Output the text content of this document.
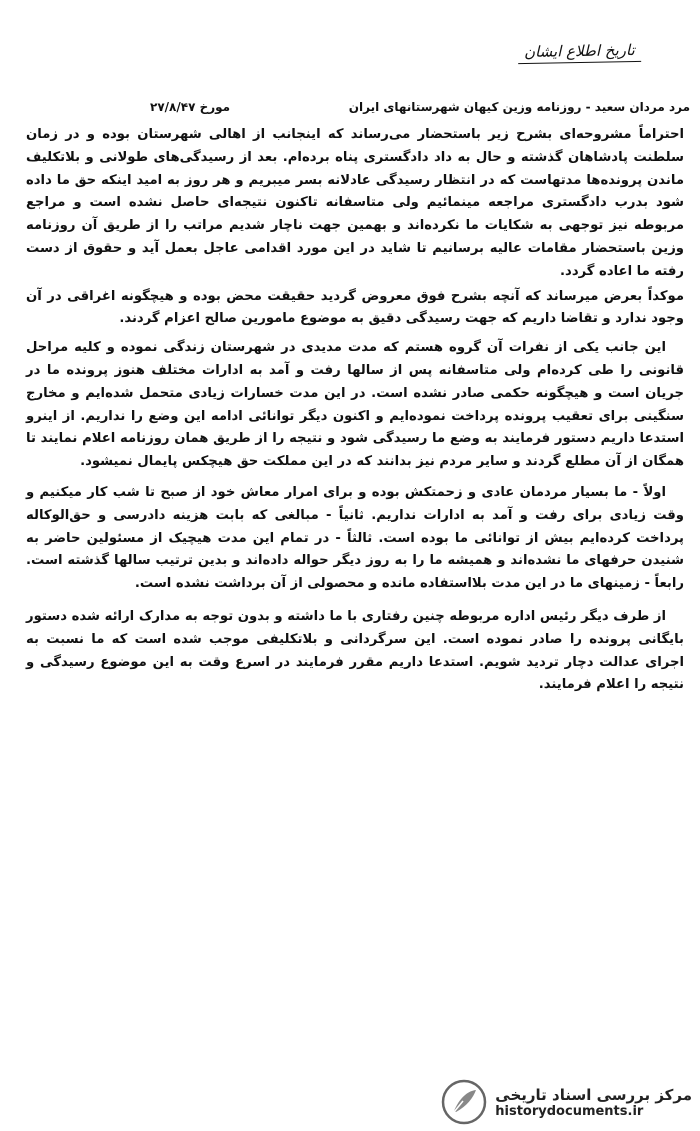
تاریخ اطلاع ایشان
مرد مردان سعید - روزنامه وزین کیهان شهرستانهای ایران
مورخ ۲۷/۸/۴۷

احتراماً مشروحه‌ای بشرح زیر باستحضار می‌رساند که اینجانب از اهالی شهرستان بوده و در زمان سلطنت پادشاهان گذشته و حال به داد دادگستری پناه برده‌ام. بعد از رسیدگی‌های طولانی و بلاتکلیف ماندن پرونده‌ها مدتهاست که در انتظار رسیدگی عادلانه بسر میبریم و هر روز به امید اینکه حق ما داده شود بدرب دادگستری مراجعه مینمائیم ولی متاسفانه تاکنون نتیجه‌ای حاصل نشده است و مراجع مربوطه نیز توجهی به شکایات ما نکرده‌اند و بهمین جهت ناچار شدیم مراتب را از طریق آن روزنامه وزین باستحضار مقامات عالیه برسانیم تا شاید در این مورد اقدامی عاجل بعمل آید و حقوق از دست رفته ما اعاده گردد.

موکداً بعرض میرساند که آنچه بشرح فوق معروض گردید حقیقت محض بوده و هیچگونه اغراقی در آن وجود ندارد و تقاضا داریم که جهت رسیدگی دقیق به موضوع مامورین صالح اعزام گردند.

این جانب یکی از نفرات آن گروه هستم که مدت مدیدی در شهرستان زندگی نموده و کلیه مراحل قانونی را طی کرده‌ام ولی متاسفانه پس از سالها رفت و آمد به ادارات مختلف هنوز پرونده ما در جریان است و هیچگونه حکمی صادر نشده است. در این مدت خسارات زیادی متحمل شده‌ایم و مخارج سنگینی برای تعقیب پرونده پرداخت نموده‌ایم و اکنون دیگر توانائی ادامه این وضع را نداریم. از اینرو استدعا داریم دستور فرمایند به وضع ما رسیدگی شود و نتیجه را از طریق همان روزنامه اعلام نمایند تا همگان از آن مطلع گردند و سایر مردم نیز بدانند که در این مملکت حق هیچکس پایمال نمیشود.

اولاً - ما بسیار مردمان عادی و زحمتکش بوده و برای امرار معاش خود از صبح تا شب کار میکنیم و وقت زیادی برای رفت و آمد به ادارات نداریم. ثانیاً - مبالغی که بابت هزینه دادرسی و حق‌الوکاله پرداخت کرده‌ایم بیش از توانائی ما بوده است. ثالثاً - در تمام این مدت هیچیک از مسئولین حاضر به شنیدن حرفهای ما نشده‌اند و همیشه ما را به روز دیگر حواله داده‌اند و بدین ترتیب سالها گذشته است. رابعاً - زمینهای ما در این مدت بلااستفاده مانده و محصولی از آن برداشت نشده است.

از طرف دیگر رئیس اداره مربوطه چنین رفتاری با ما داشته و بدون توجه به مدارک ارائه شده دستور بایگانی پرونده را صادر نموده است. این سرگردانی و بلاتکلیفی موجب شده است که ما نسبت به اجرای عدالت دچار تردید شویم. استدعا داریم مقرر فرمایند در اسرع وقت به این موضوع رسیدگی و نتیجه را اعلام فرمایند.

مرکز بررسی اسناد تاریخی
historydocuments.ir
